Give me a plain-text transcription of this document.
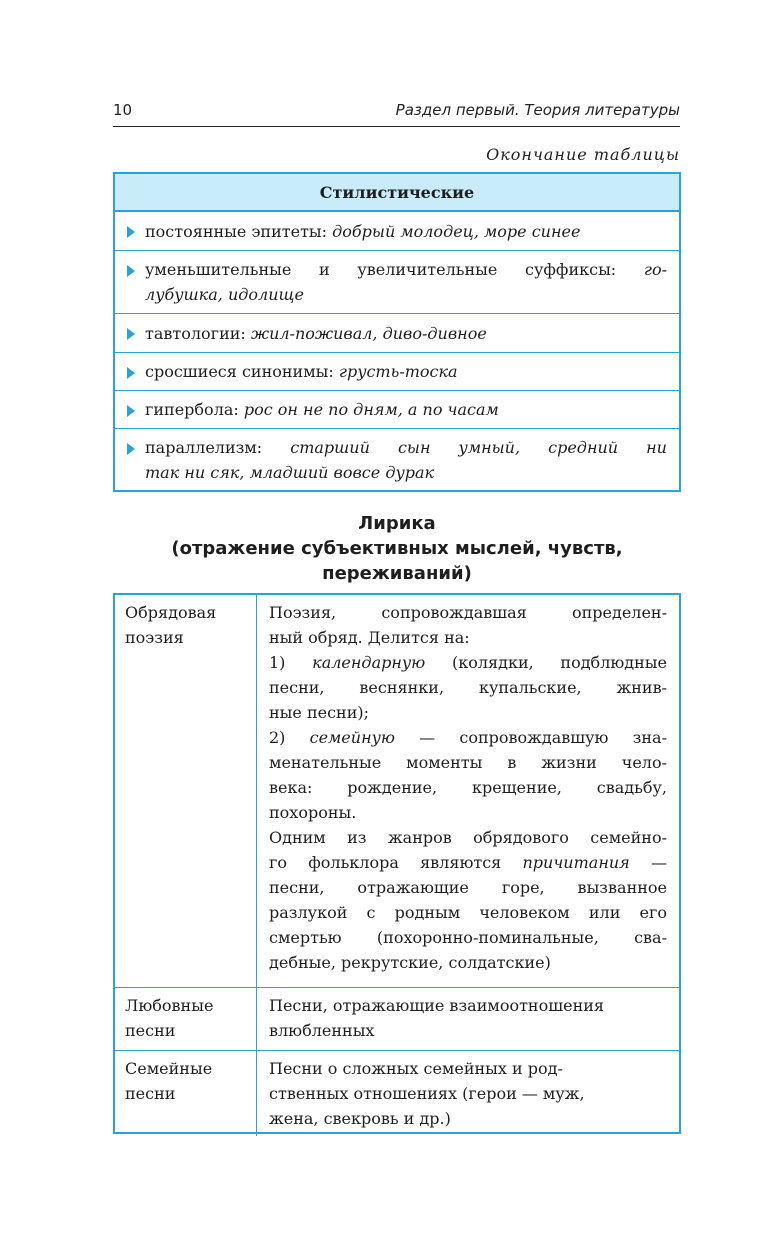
10	Раздел первый. Теория литературы
Окончание таблицы
Стилистические
постоянные эпитеты: добрый молодец, море синее
уменьшительные и увеличительные суффиксы: го-
лубушка, идолище
тавтологии: жил-поживал, диво-дивное
сросшиеся синонимы: грусть-тоска
гипербола: рос он не по дням, а по часам
параллелизм: старший сын умный, средний ни
так ни сяк, младший вовсе дурак
Лирика
(отражение субъективных мыслей, чувств,
переживаний)
Обрядовая
поэзия
Поэзия, сопровождавшая определен-
ный обряд. Делится на:
1) календарную (колядки, подблюдные
песни, веснянки, купальские, жнив-
ные песни);
2) семейную — сопровождавшую зна-
менательные моменты в жизни чело-
века: рождение, крещение, свадьбу,
похороны.
Одним из жанров обрядового семейно-
го фольклора являются причитания —
песни, отражающие горе, вызванное
разлукой с родным человеком или его
смертью (похоронно-поминальные, сва-
дебные, рекрутские, солдатские)
Любовные
песни
Песни, отражающие взаимоотношения
влюбленных
Семейные
песни
Песни о сложных семейных и род-
ственных отношениях (герои — муж,
жена, свекровь и др.)
